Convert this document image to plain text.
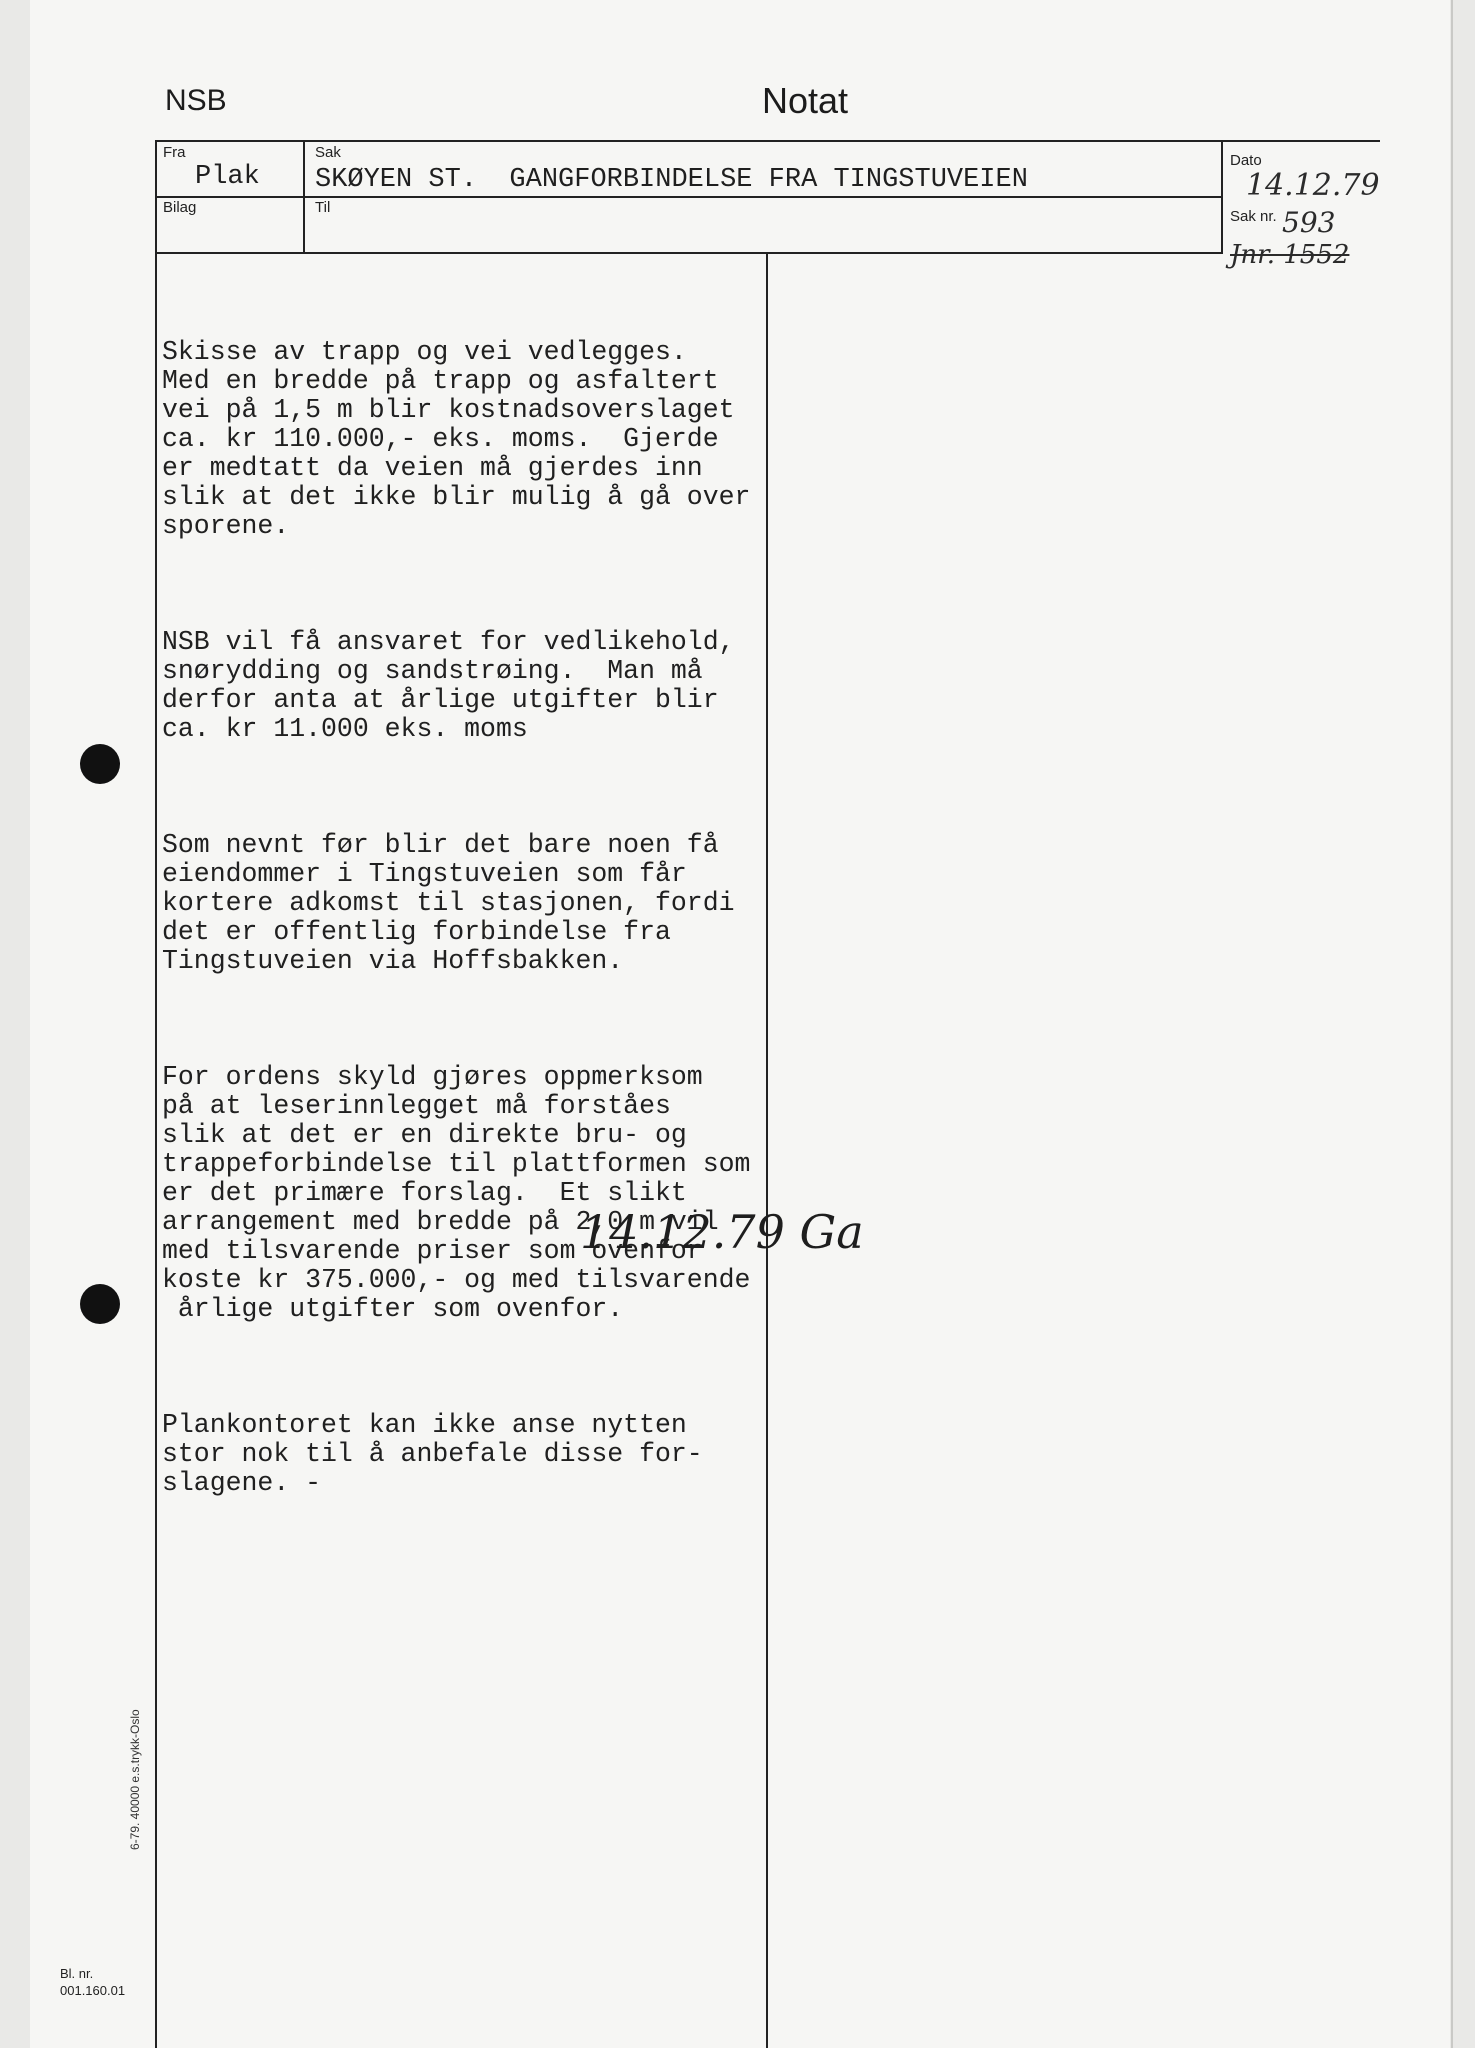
NSB	Notat
Fra
Plak
Sak
SKØYEN ST.  GANGFORBINDELSE FRA TINGSTUVEIEN
Dato
14.12.79
Bilag	Til
Sak nr. 593
Jnr. 1552

Skisse av trapp og vei vedlegges.
Med en bredde på trapp og asfaltert
vei på 1,5 m blir kostnadsoverslaget
ca. kr 110.000,- eks. moms.  Gjerde
er medtatt da veien må gjerdes inn
slik at det ikke blir mulig å gå over
sporene.

NSB vil få ansvaret for vedlikehold,
snørydding og sandstrøing.  Man må
derfor anta at årlige utgifter blir
ca. kr 11.000 eks. moms

Som nevnt før blir det bare noen få
eiendommer i Tingstuveien som får
kortere adkomst til stasjonen, fordi
det er offentlig forbindelse fra
Tingstuveien via Hoffsbakken.

For ordens skyld gjøres oppmerksom
på at leserinnlegget må forståes
slik at det er en direkte bru- og
trappeforbindelse til plattformen som
er det primære forslag.  Et slikt
arrangement med bredde på 2,0 m vil
med tilsvarende priser som ovenfor
koste kr 375.000,- og med tilsvarende
årlige utgifter som ovenfor.

Plankontoret kan ikke anse nytten
stor nok til å anbefale disse for-
slagene. -

14.12.79 Ga
6-79. 40000 e.s.trykk-Oslo
Bl. nr.
001.160.01
